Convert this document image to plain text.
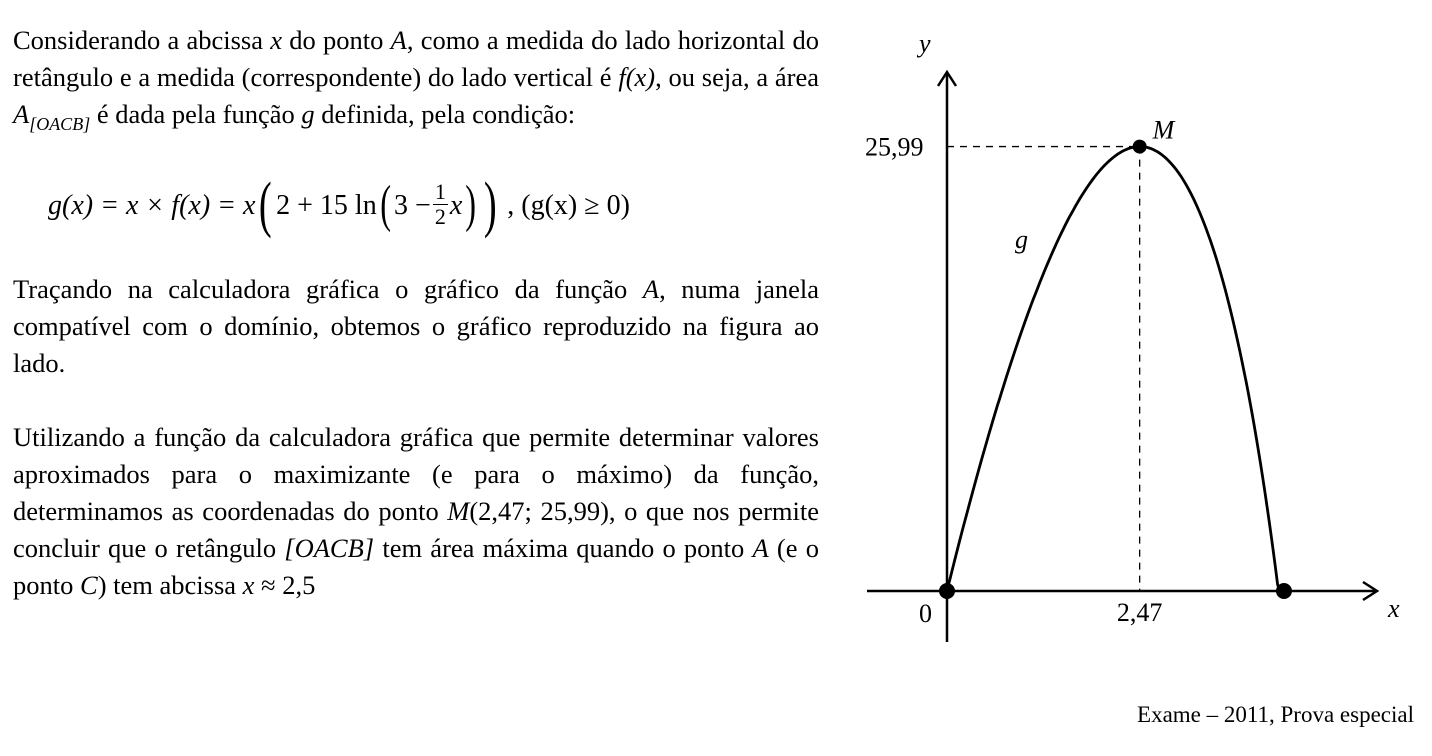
Considerando a abcissa x do ponto A, como a medida do lado horizontal do retângulo e a medida (correspondente) do lado vertical é f(x), ou seja, a área $A_{[OACB]}$ é dada pela função g definida, pela condição:

g(x) = x × f(x) = x( 2 + 15 ln( $3 - \frac{1}{2} x$) ) , (g(x) ≥ 0)

Traçando na calculadora gráfica o gráfico da função A, numa janela compatível com o domínio, obtemos o gráfico reproduzido na figura ao lado.

Utilizando a função da calculadora gráfica que permite determinar valores aproximados para o maximizante (e para o máximo) da função, determinamos as coordenadas do ponto M(2,47; 25,99), o que nos permite concluir que o retângulo [OACB] tem área máxima quando o ponto A (e o ponto C) tem abcissa x ≈ 2,5

y
x
0
25,99
2,47
M
g
Exame – 2011, Prova especial
